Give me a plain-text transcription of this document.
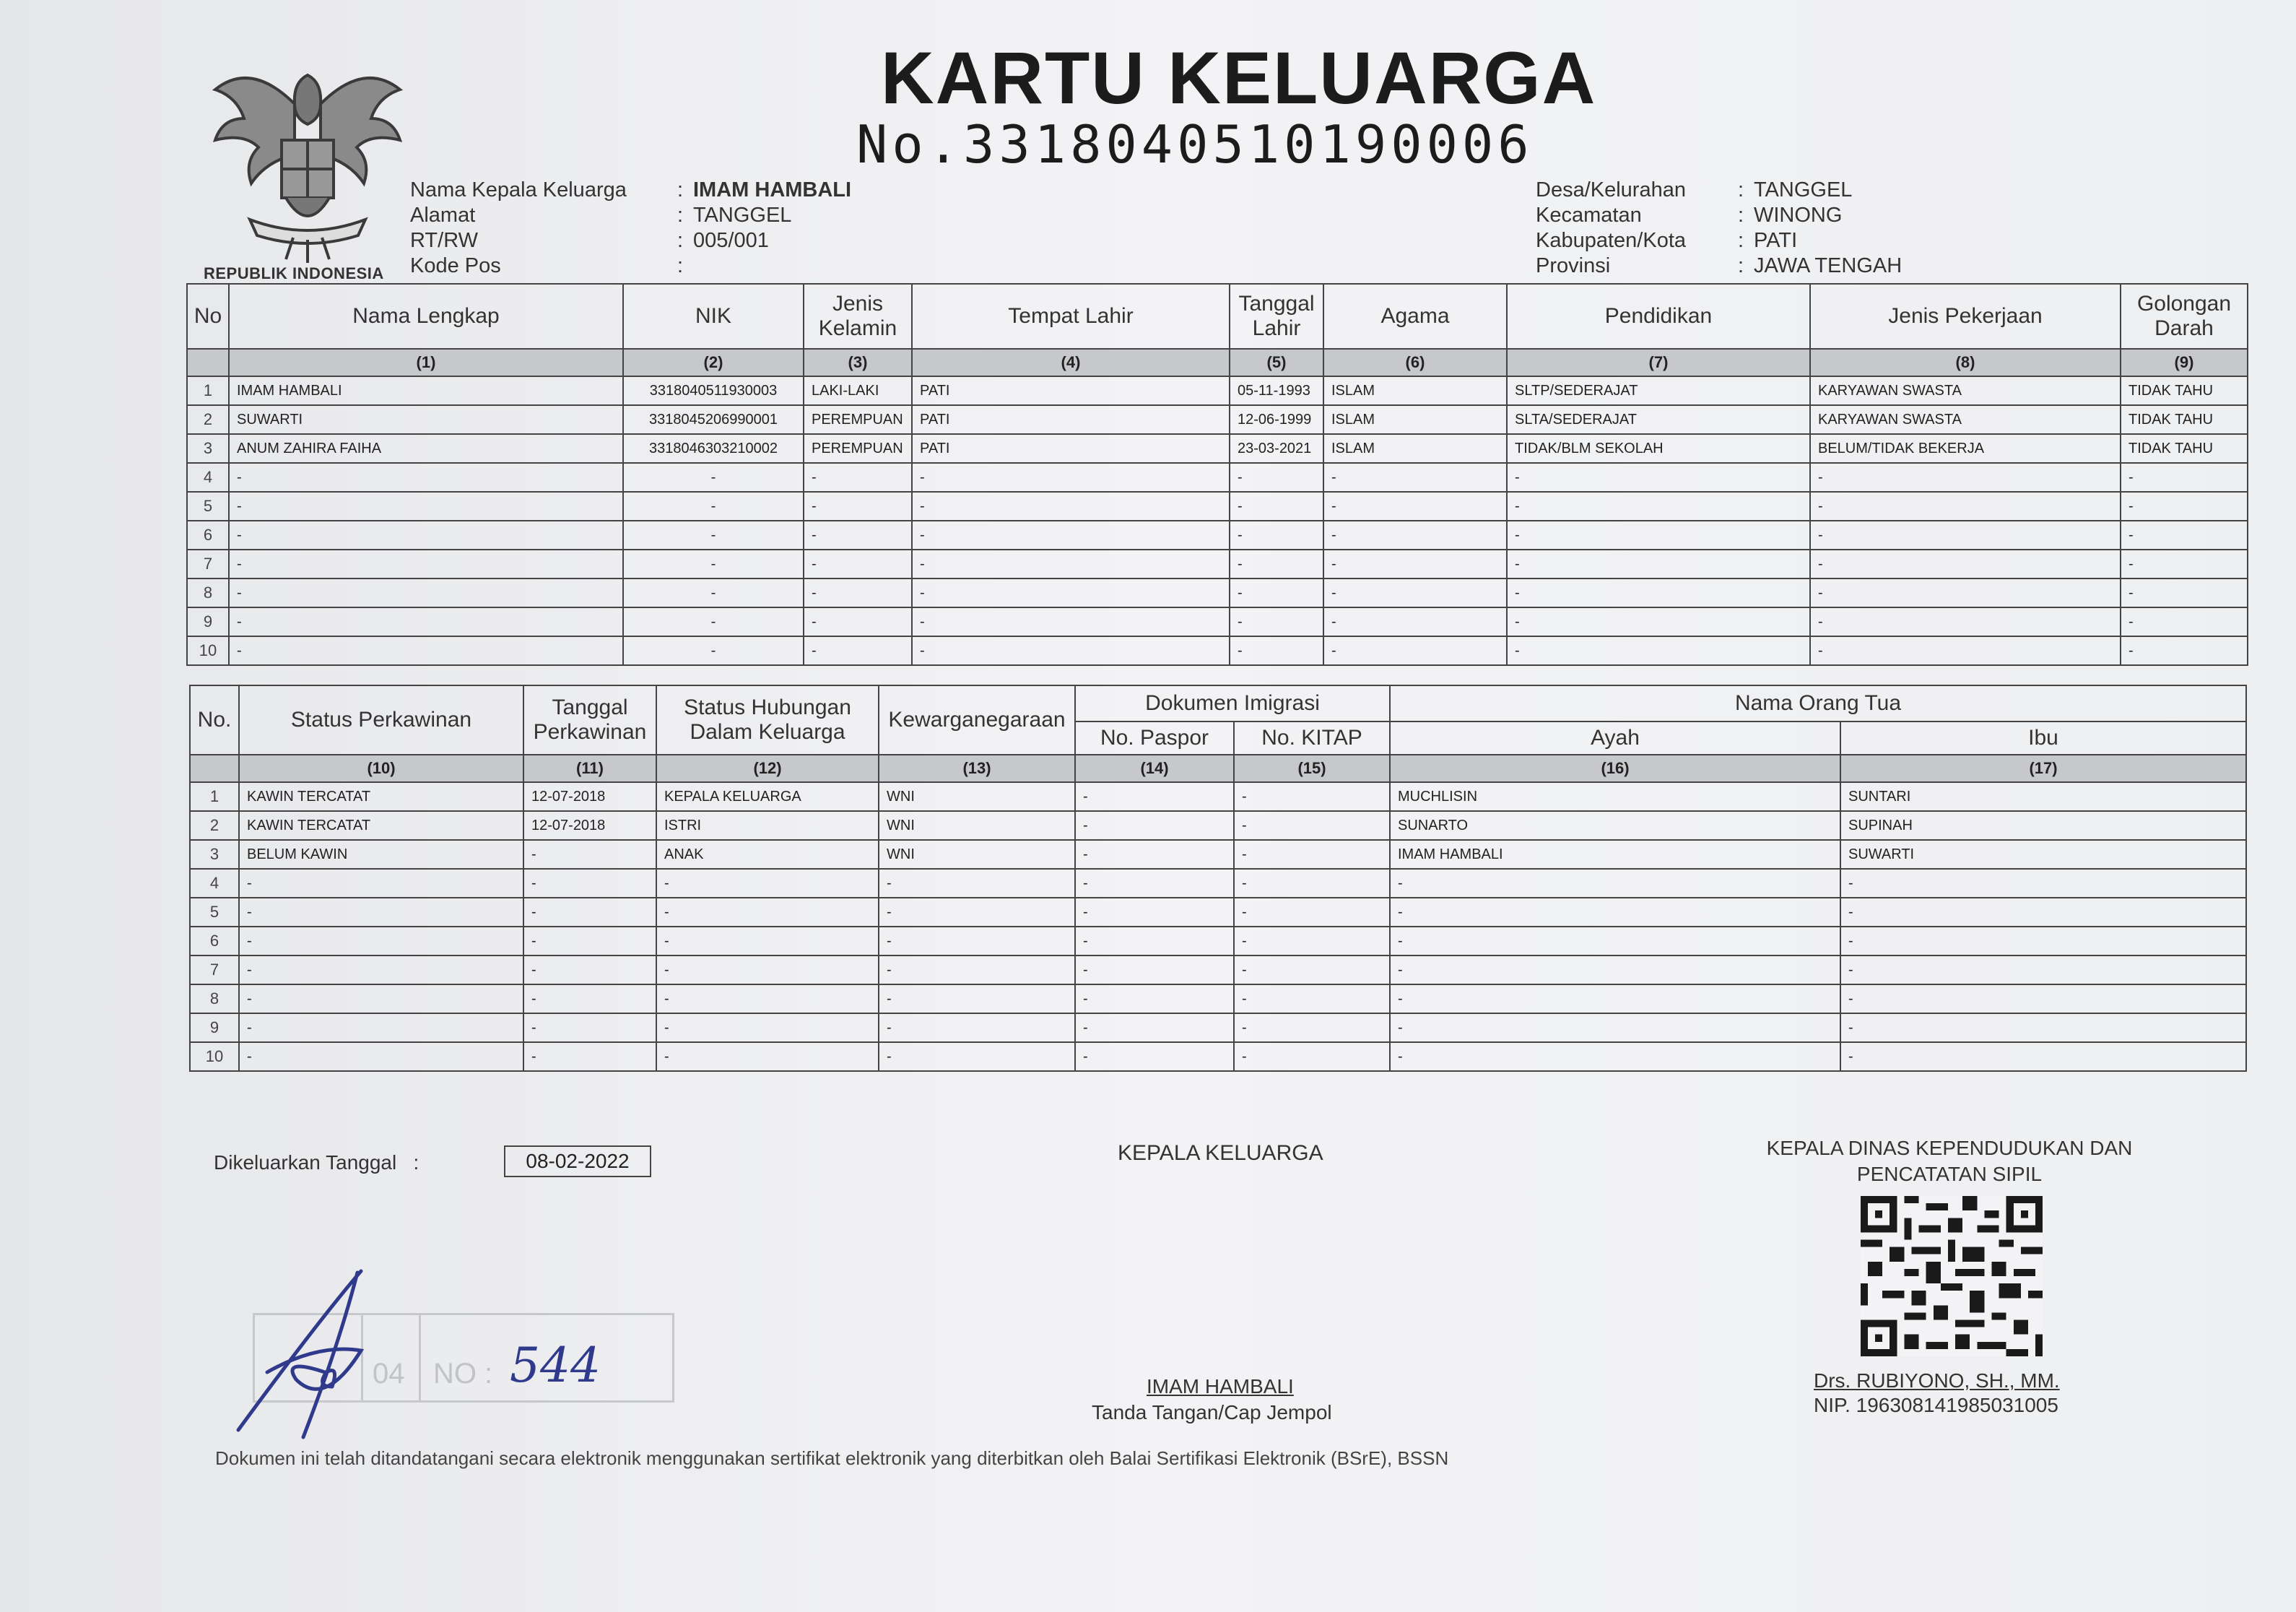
REPUBLIK INDONESIA
KARTU KELUARGA
No.3318040510190006
Nama Kepala Keluarga	: IMAM HAMBALI
Alamat	: TANGGEL
RT/RW	: 005/001
Kode Pos	:
Desa/Kelurahan	: TANGGEL
Kecamatan	: WINONG
Kabupaten/Kota	: PATI
Provinsi	: JAWA TENGAH
No	Nama Lengkap	NIK	Jenis Kelamin	Tempat Lahir	Tanggal Lahir	Agama	Pendidikan	Jenis Pekerjaan	Golongan Darah
	(1)	(2)	(3)	(4)	(5)	(6)	(7)	(8)	(9)
1	IMAM HAMBALI	3318040511930003	LAKI-LAKI	PATI	05-11-1993	ISLAM	SLTP/SEDERAJAT	KARYAWAN SWASTA	TIDAK TAHU
2	SUWARTI	3318045206990001	PEREMPUAN	PATI	12-06-1999	ISLAM	SLTA/SEDERAJAT	KARYAWAN SWASTA	TIDAK TAHU
3	ANUM ZAHIRA FAIHA	3318046303210002	PEREMPUAN	PATI	23-03-2021	ISLAM	TIDAK/BLM SEKOLAH	BELUM/TIDAK BEKERJA	TIDAK TAHU
4	-	-	-	-	-	-	-	-	-
5	-	-	-	-	-	-	-	-	-
6	-	-	-	-	-	-	-	-	-
7	-	-	-	-	-	-	-	-	-
8	-	-	-	-	-	-	-	-	-
9	-	-	-	-	-	-	-	-	-
10	-	-	-	-	-	-	-	-	-
No.	Status Perkawinan	Tanggal Perkawinan	Status Hubungan Dalam Keluarga	Kewarganegaraan	Dokumen Imigrasi		Nama Orang Tua	
					No. Paspor	No. KITAP	Ayah	Ibu
	(10)	(11)	(12)	(13)	(14)	(15)	(16)	(17)
1	KAWIN TERCATAT	12-07-2018	KEPALA KELUARGA	WNI	-	-	MUCHLISIN	SUNTARI
2	KAWIN TERCATAT	12-07-2018	ISTRI	WNI	-	-	SUNARTO	SUPINAH
3	BELUM KAWIN	-	ANAK	WNI	-	-	IMAM HAMBALI	SUWARTI
4	-	-	-	-	-	-	-	-
5	-	-	-	-	-	-	-	-
6	-	-	-	-	-	-	-	-
7	-	-	-	-	-	-	-	-
8	-	-	-	-	-	-	-	-
9	-	-	-	-	-	-	-	-
10	-	-	-	-	-	-	-	-
Dikeluarkan Tanggal :	08-02-2022	KEPALA KELUARGA
IMAM HAMBALI
Tanda Tangan/Cap Jempol
KEPALA DINAS KEPENDUDUKAN DAN
PENCATATAN SIPIL
Drs. RUBIYONO, SH., MM.
NIP. 196308141985031005
04 NO : 544
Dokumen ini telah ditandatangani secara elektronik menggunakan sertifikat elektronik yang diterbitkan oleh Balai Sertifikasi Elektronik (BSrE), BSSN
